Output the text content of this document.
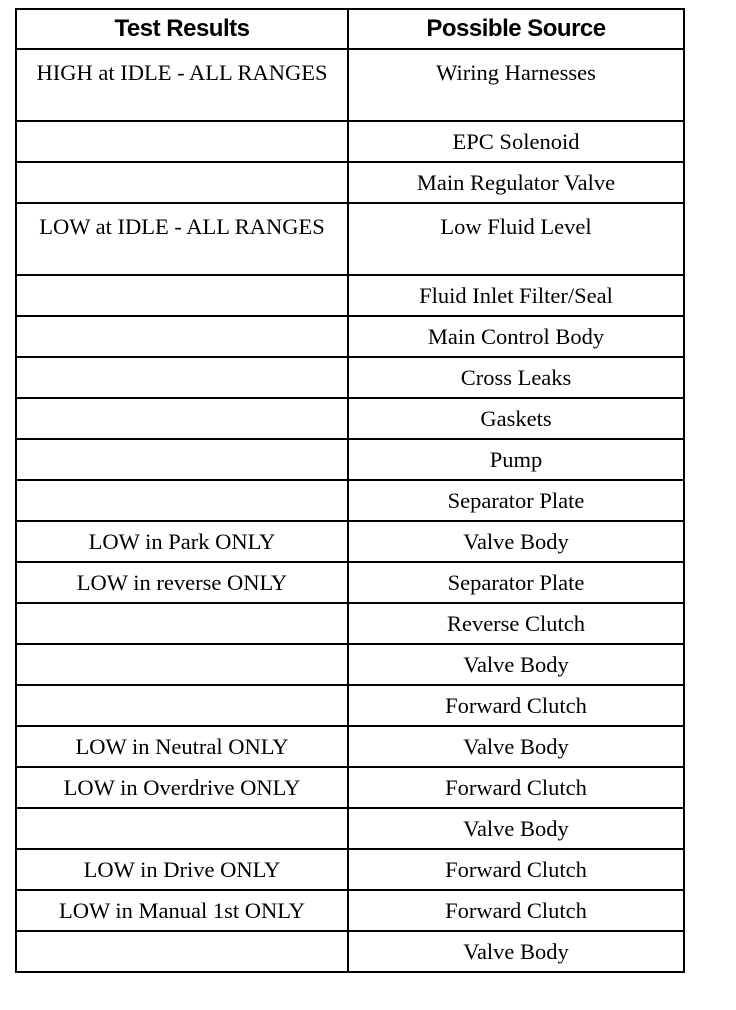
Test Results	Possible Source
HIGH at IDLE - ALL RANGES	Wiring Harnesses
	EPC Solenoid
	Main Regulator Valve
LOW at IDLE - ALL RANGES	Low Fluid Level
	Fluid Inlet Filter/Seal
	Main Control Body
	Cross Leaks
	Gaskets
	Pump
	Separator Plate
LOW in Park ONLY	Valve Body
LOW in reverse ONLY	Separator Plate
	Reverse Clutch
	Valve Body
	Forward Clutch
LOW in Neutral ONLY	Valve Body
LOW in Overdrive ONLY	Forward Clutch
	Valve Body
LOW in Drive ONLY	Forward Clutch
LOW in Manual 1st ONLY	Forward Clutch
	Valve Body
